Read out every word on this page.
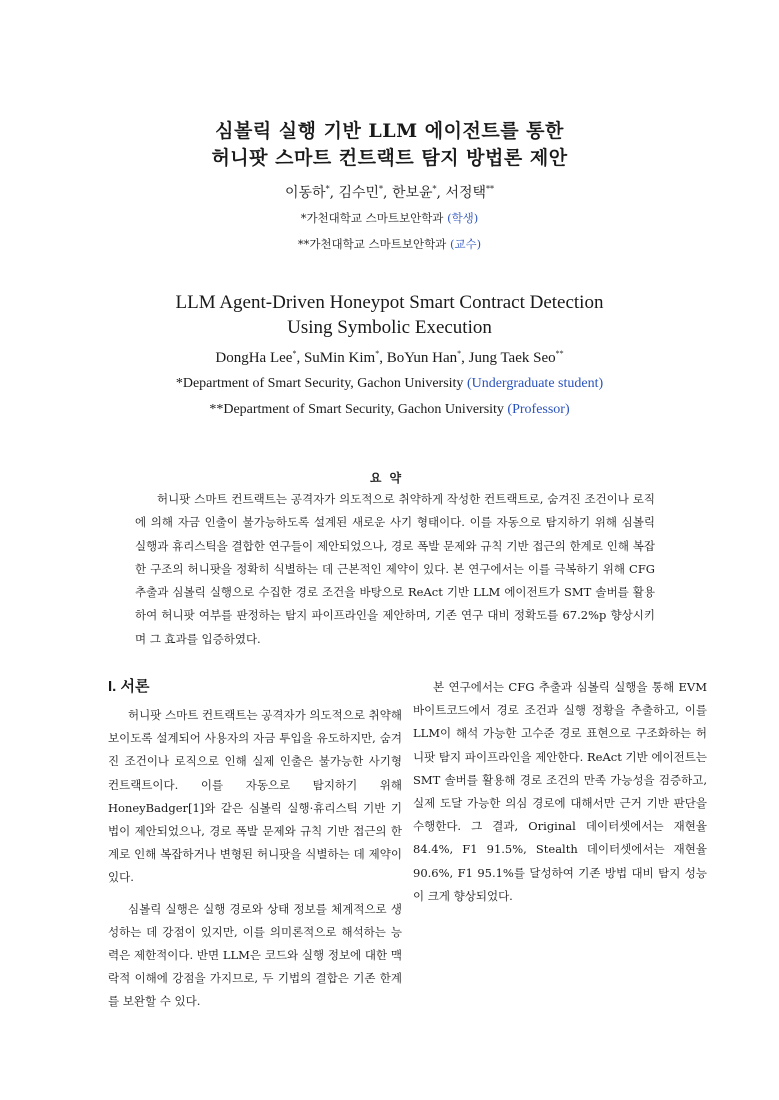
심볼릭 실행 기반 LLM 에이전트를 통한
허니팟 스마트 컨트랙트 탐지 방법론 제안
이동하*, 김수민*, 한보윤*, 서정택**
*가천대학교 스마트보안학과 (학생)
**가천대학교 스마트보안학과 (교수)
LLM Agent-Driven Honeypot Smart Contract Detection
Using Symbolic Execution
DongHa Lee*, SuMin Kim*, BoYun Han*, Jung Taek Seo**
*Department of Smart Security, Gachon University (Undergraduate student)
**Department of Smart Security, Gachon University (Professor)
요약
허니팟 스마트 컨트랙트는 공격자가 의도적으로 취약하게 작성한 컨트랙트로, 숨겨진 조건이나 로직에 의해 자금 인출이 불가능하도록 설계된 새로운 사기 형태이다. 이를 자동으로 탐지하기 위해 심볼릭 실행과 휴리스틱을 결합한 연구들이 제안되었으나, 경로 폭발 문제와 규칙 기반 접근의 한계로 인해 복잡한 구조의 허니팟을 정확히 식별하는 데 근본적인 제약이 있다. 본 연구에서는 이를 극복하기 위해 CFG 추출과 심볼릭 실행으로 수집한 경로 조건을 바탕으로 ReAct 기반 LLM 에이전트가 SMT 솔버를 활용하여 허니팟 여부를 판정하는 탐지 파이프라인을 제안하며, 기존 연구 대비 정확도를 67.2%p 향상시키며 그 효과를 입증하였다.
I. 서론

허니팟 스마트 컨트랙트는 공격자가 의도적으로 취약해 보이도록 설계되어 사용자의 자금 투입을 유도하지만, 숨겨진 조건이나 로직으로 인해 실제 인출은 불가능한 사기형 컨트랙트이다. 이를 자동으로 탐지하기 위해 HoneyBadger[1]와 같은 심볼릭 실행·휴리스틱 기반 기법이 제안되었으나, 경로 폭발 문제와 규칙 기반 접근의 한계로 인해 복잡하거나 변형된 허니팟을 식별하는 데 제약이 있다.

심볼릭 실행은 실행 경로와 상태 정보를 체계적으로 생성하는 데 강점이 있지만, 이를 의미론적으로 해석하는 능력은 제한적이다. 반면 LLM은 코드와 실행 정보에 대한 맥락적 이해에 강점을 가지므로, 두 기법의 결합은 기존 한계를 보완할 수 있다.

본 연구에서는 CFG 추출과 심볼릭 실행을 통해 EVM 바이트코드에서 경로 조건과 실행 정황을 추출하고, 이를 LLM이 해석 가능한 고수준 경로 표현으로 구조화하는 허니팟 탐지 파이프라인을 제안한다. ReAct 기반 에이전트는 SMT 솔버를 활용해 경로 조건의 만족 가능성을 검증하고, 실제 도달 가능한 의심 경로에 대해서만 근거 기반 판단을 수행한다. 그 결과, Original 데이터셋에서는 재현율 84.4%, F1 91.5%, Stealth 데이터셋에서는 재현율 90.6%, F1 95.1%를 달성하여 기존 방법 대비 탐지 성능이 크게 향상되었다.
